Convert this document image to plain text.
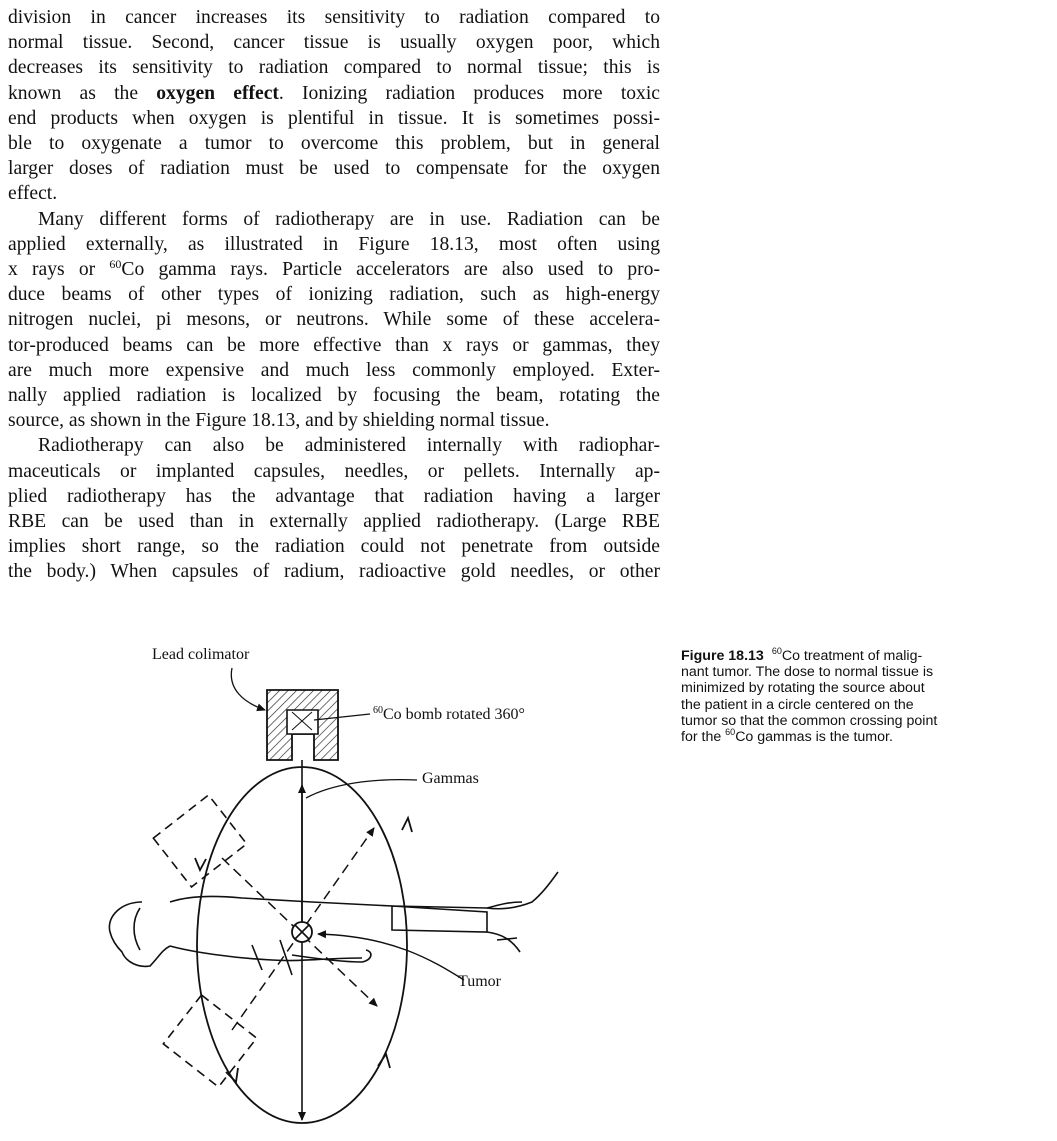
division in cancer increases its sensitivity to radiation compared to
normal tissue. Second, cancer tissue is usually oxygen poor, which
decreases its sensitivity to radiation compared to normal tissue; this is
known as the oxygen effect. Ionizing radiation produces more toxic
end products when oxygen is plentiful in tissue. It is sometimes possi-
ble to oxygenate a tumor to overcome this problem, but in general
larger doses of radiation must be used to compensate for the oxygen
effect.
Many different forms of radiotherapy are in use. Radiation can be
applied externally, as illustrated in Figure 18.13, most often using
x rays or $^{60}$Co gamma rays. Particle accelerators are also used to pro-
duce beams of other types of ionizing radiation, such as high-energy
nitrogen nuclei, pi mesons, or neutrons. While some of these accelera-
tor-produced beams can be more effective than x rays or gammas, they
are much more expensive and much less commonly employed. Exter-
nally applied radiation is localized by focusing the beam, rotating the
source, as shown in the Figure 18.13, and by shielding normal tissue.
Radiotherapy can also be administered internally with radiophar-
maceuticals or implanted capsules, needles, or pellets. Internally ap-
plied radiotherapy has the advantage that radiation having a larger
RBE can be used than in externally applied radiotherapy. (Large RBE
implies short range, so the radiation could not penetrate from outside
the body.) When capsules of radium, radioactive gold needles, or other
Lead colimator
$^{60}$Co bomb rotated 360°
Gammas
Tumor
Figure 18.13 $^{60}$Co treatment of malig-
nant tumor. The dose to normal tissue is
minimized by rotating the source about
the patient in a circle centered on the
tumor so that the common crossing point
for the $^{60}$Co gammas is the tumor.
